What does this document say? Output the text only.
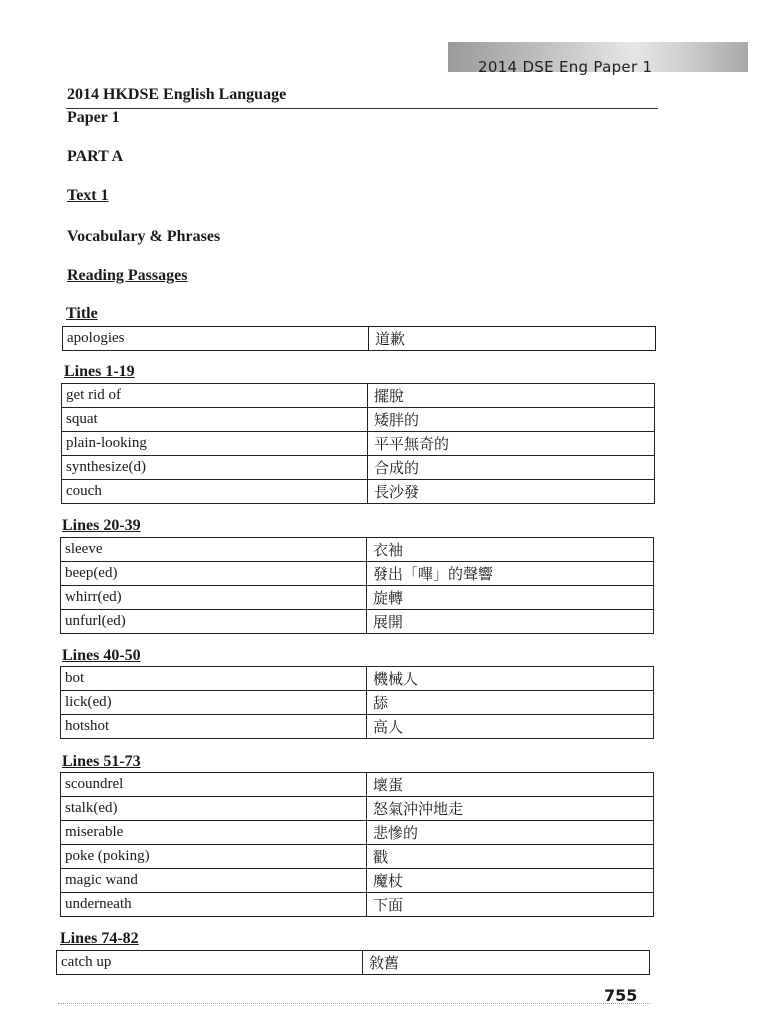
2014 DSE Eng Paper 1
2014 HKDSE English Language
Paper 1
PART A
Text 1
Vocabulary & Phrases
Reading Passages
Title
apologies	道歉
Lines 1-19
get rid of	擺脫
squat	矮胖的
plain-looking	平平無奇的
synthesize(d)	合成的
couch	長沙發
Lines 20-39
sleeve	衣袖
beep(ed)	發出「嗶」的聲響
whirr(ed)	旋轉
unfurl(ed)	展開
Lines 40-50
bot	機械人
lick(ed)	舔
hotshot	高人
Lines 51-73
scoundrel	壞蛋
stalk(ed)	怒氣沖沖地走
miserable	悲慘的
poke (poking)	戳
magic wand	魔杖
underneath	下面
Lines 74-82
catch up	敘舊
755
